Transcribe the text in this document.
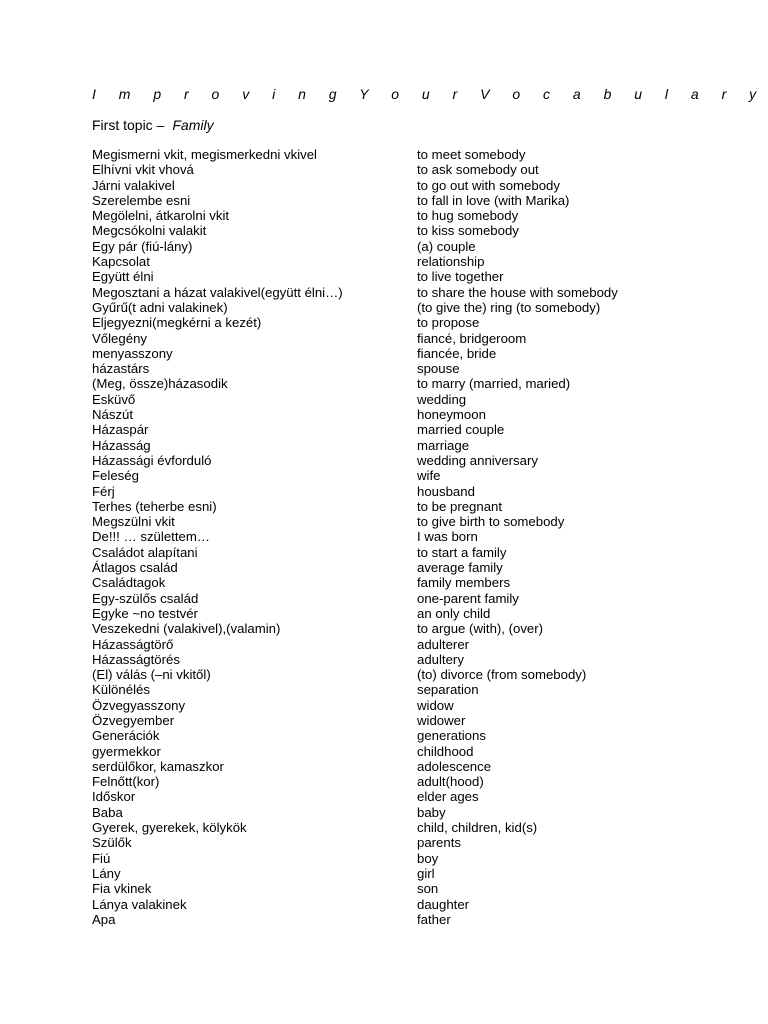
I m p r o v i n g Y o u r V o c a b u l a r y
First topic – Family
Megismerni vkit, megismerkedni vkivel	to meet somebody
Elhívni vkit vhová	to ask somebody out
Járni valakivel	to go out with somebody
Szerelembe esni	to fall in love (with Marika)
Megölelni, átkarolni vkit	to hug somebody
Megcsókolni valakit	to kiss somebody
Egy pár (fiú-lány)	(a) couple
Kapcsolat	relationship
Együtt élni	to live together
Megosztani a házat valakivel(együtt élni…)	to share the house with somebody
Gyűrű(t adni valakinek)	(to give the) ring (to somebody)
Eljegyezni(megkérni a kezét)	to propose
Vőlegény	fiancé, bridgeroom
menyasszony	fiancée, bride
házastárs	spouse
(Meg, össze)házasodik	to marry (married, maried)
Esküvő	wedding
Nászút	honeymoon
Házaspár	married couple
Házasság	marriage
Házassági évforduló	wedding anniversary
Feleség	wife
Férj	housband
Terhes (teherbe esni)	to be pregnant
Megszülni vkit	to give birth to somebody
De!!! … születtem…	I was born
Családot alapítani	to start a family
Átlagos család	average family
Családtagok	family members
Egy-szülős család	one-parent family
Egyke ~no testvér	an only child
Veszekedni (valakivel),(valamin)	to argue (with), (over)
Házasságtörő	adulterer
Házasságtörés	adultery
(El) válás (–ni vkitől)	(to) divorce (from somebody)
Különélés	separation
Özvegyasszony	widow
Özvegyember	widower
Generációk	generations
gyermekkor	childhood
serdülőkor, kamaszkor	adolescence
Felnőtt(kor)	adult(hood)
Időskor	elder ages
Baba	baby
Gyerek, gyerekek, kölykök	child, children, kid(s)
Szülők	parents
Fiú	boy
Lány	girl
Fia vkinek	son
Lánya valakinek	daughter
Apa	father
